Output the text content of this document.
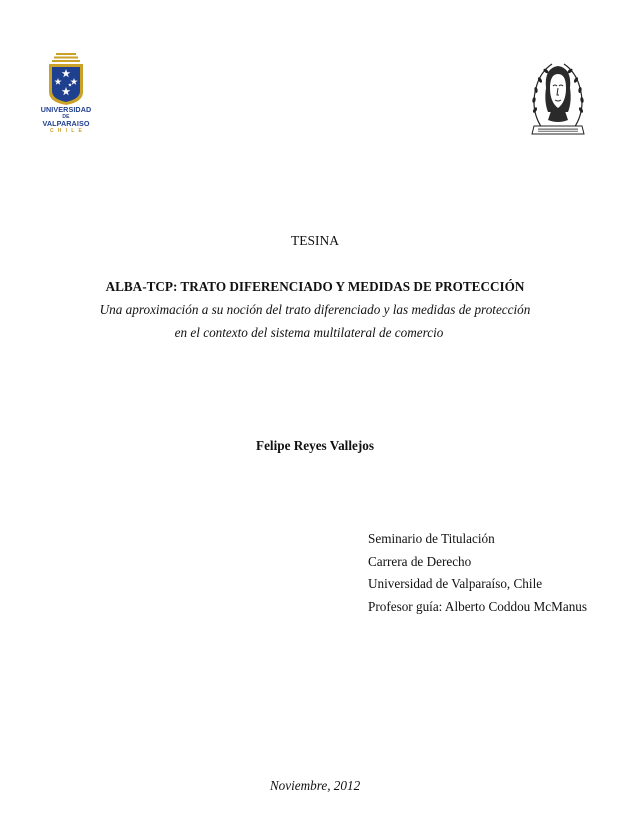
UNIVERSIDAD
DE
VALPARAISO
CHILE
TESINA
ALBA-TCP: TRATO DIFERENCIADO Y MEDIDAS DE PROTECCIÓN
Una aproximación a su noción del trato diferenciado y las medidas de protección
en el contexto del sistema multilateral de comercio
Felipe Reyes Vallejos
Seminario de Titulación
Carrera de Derecho
Universidad de Valparaíso, Chile
Profesor guía: Alberto Coddou McManus
Noviembre, 2012
